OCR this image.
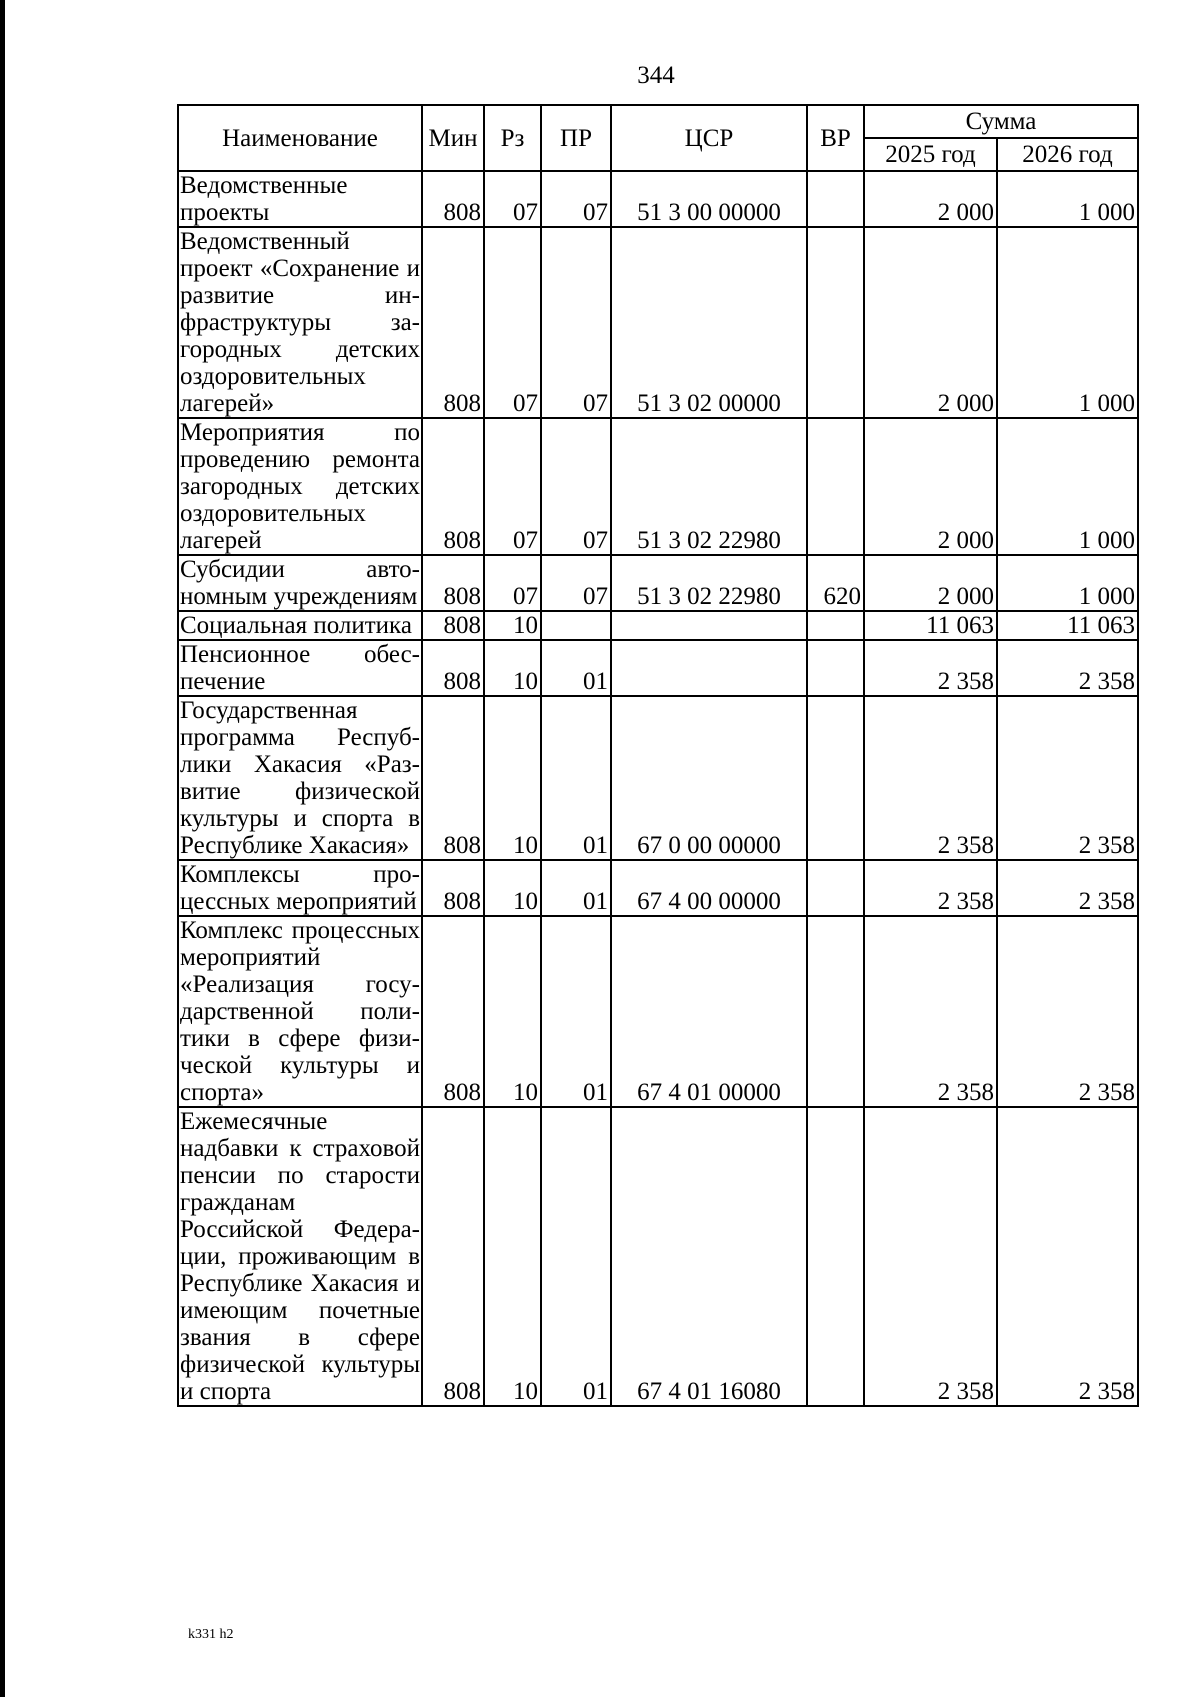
344
Наименование	Мин	Рз	ПР	ЦСР	ВР	Сумма	
						2025 год	2026 год
Ведомственные проекты	808	07	07	51 3 00 00000		2 000	1 000
Ведомственный проект «Сохранение и развитие инфраструктуры загородных детских оздоровительных лагерей»	808	07	07	51 3 02 00000		2 000	1 000
Мероприятия по проведению ремонта загородных детских оздоровительных лагерей	808	07	07	51 3 02 22980		2 000	1 000
Субсидии автономным учреждениям	808	07	07	51 3 02 22980	620	2 000	1 000
Социальная политика	808	10				11 063	11 063
Пенсионное обеспечение	808	10	01			2 358	2 358
Государственная программа Республики Хакасия «Развитие физической культуры и спорта в Республике Хакасия»	808	10	01	67 0 00 00000		2 358	2 358
Комплексы процессных мероприятий	808	10	01	67 4 00 00000		2 358	2 358
Комплекс процессных мероприятий «Реализация государственной политики в сфере физической культуры и спорта»	808	10	01	67 4 01 00000		2 358	2 358
Ежемесячные надбавки к страховой пенсии по старости гражданам Российской Федерации, проживающим в Республике Хакасия и имеющим почетные звания в сфере физической культуры и спорта	808	10	01	67 4 01 16080		2 358	2 358
k331 h2
